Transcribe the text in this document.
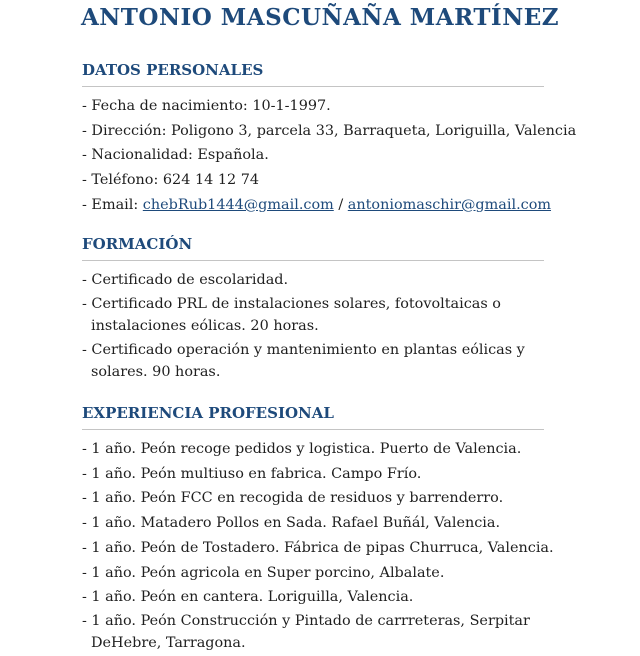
ANTONIO MASCUÑAÑA MARTÍNEZ
DATOS PERSONALES
- Fecha de nacimiento: 10-1-1997.
- Dirección: Poligono 3, parcela 33, Barraqueta, Loriguilla, Valencia
- Nacionalidad: Española.
- Teléfono: 624 14 12 74
- Email: chebRub1444@gmail.com / antoniomaschir@gmail.com
FORMACIÓN
- Certificado de escolaridad.
- Certificado PRL de instalaciones solares, fotovoltaicas o instalaciones eólicas. 20 horas.
- Certificado operación y mantenimiento en plantas eólicas y solares. 90 horas.
EXPERIENCIA PROFESIONAL
- 1 año. Peón recoge pedidos y logistica. Puerto de Valencia.
- 1 año. Peón multiuso en fabrica. Campo Frío.
- 1 año. Peón FCC en recogida de residuos y barrenderro.
- 1 año. Matadero Pollos en Sada. Rafael Buñál, Valencia.
- 1 año. Peón de Tostadero. Fábrica de pipas Churruca, Valencia.
- 1 año. Peón agricola en Super porcino, Albalate.
- 1 año. Peón en cantera. Loriguilla, Valencia.
- 1 año. Peón Construcción y Pintado de carrreteras, Serpitar DeHebre, Tarragona.
